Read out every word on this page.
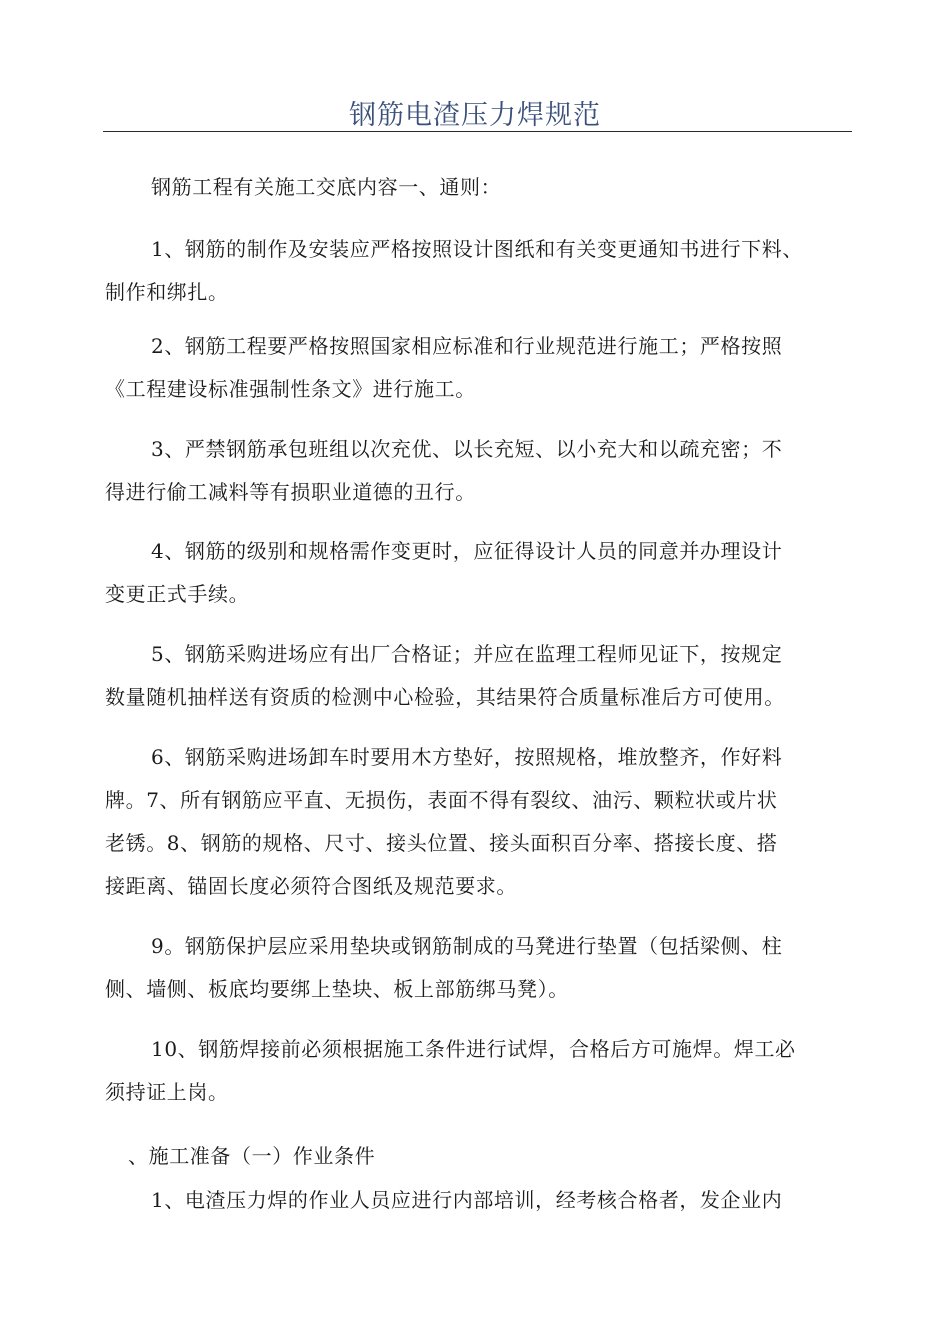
钢筋电渣压力焊规范

钢筋工程有关施工交底内容一、通则：

1、钢筋的制作及安装应严格按照设计图纸和有关变更通知书进行下料、
制作和绑扎。

2、钢筋工程要严格按照国家相应标准和行业规范进行施工；严格按照
《工程建设标准强制性条文》进行施工。

3、严禁钢筋承包班组以次充优、以长充短、以小充大和以疏充密；不
得进行偷工减料等有损职业道德的丑行。

4、钢筋的级别和规格需作变更时，应征得设计人员的同意并办理设计
变更正式手续。

5、钢筋采购进场应有出厂合格证；并应在监理工程师见证下，按规定
数量随机抽样送有资质的检测中心检验，其结果符合质量标准后方可使用。

6、钢筋采购进场卸车时要用木方垫好，按照规格，堆放整齐，作好料
牌。7、所有钢筋应平直、无损伤，表面不得有裂纹、油污、颗粒状或片状
老锈。8、钢筋的规格、尺寸、接头位置、接头面积百分率、搭接长度、搭
接距离、锚固长度必须符合图纸及规范要求。

9。钢筋保护层应采用垫块或钢筋制成的马凳进行垫置（包括梁侧、柱
侧、墙侧、板底均要绑上垫块、板上部筋绑马凳）。

10、钢筋焊接前必须根据施工条件进行试焊，合格后方可施焊。焊工必
须持证上岗。

、施工准备（一）作业条件

1、电渣压力焊的作业人员应进行内部培训，经考核合格者，发企业内
